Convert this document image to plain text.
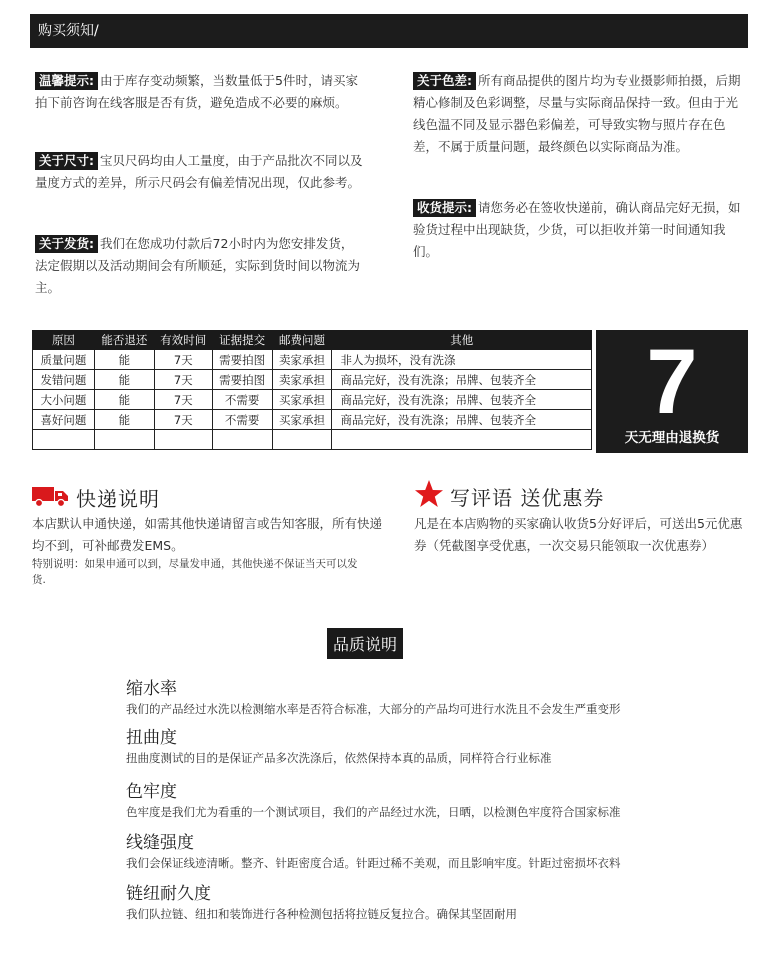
购买须知/
温馨提示: 由于库存变动频繁，当数量低于5件时，请买家拍下前咨询在线客服是否有货，避免造成不必要的麻烦。
关于尺寸: 宝贝尺码均由人工量度，由于产品批次不同以及量度方式的差异，所示尺码会有偏差情况出现，仅此参考。
关于发货: 我们在您成功付款后72小时内为您安排发货，法定假期以及活动期间会有所顺延，实际到货时间以物流为主。
关于色差: 所有商品提供的图片均为专业摄影师拍摄，后期精心修制及色彩调整，尽量与实际商品保持一致。但由于光线色温不同及显示器色彩偏差，可导致实物与照片存在色差，不属于质量问题，最终颜色以实际商品为准。
收货提示: 请您务必在签收快递前，确认商品完好无损，如验货过程中出现缺货，少货，可以拒收并第一时间通知我们。
原因	能否退还	有效时间	证据提交	邮费问题	其他
质量问题	能	7天	需要拍图	卖家承担	非人为损坏，没有洗涤
发错问题	能	7天	需要拍图	卖家承担	商品完好，没有洗涤；吊牌、包装齐全
大小问题	能	7天	不需要	买家承担	商品完好，没有洗涤；吊牌、包装齐全
喜好问题	能	7天	不需要	买家承担	商品完好，没有洗涤；吊牌、包装齐全
						7
天无理由退换货
快递说明
本店默认申通快递，如需其他快递请留言或告知客服，所有快递均不到，可补邮费发EMS。
特别说明：如果申通可以到，尽量发申通，其他快递不保证当天可以发货.
写评语 送优惠券
凡是在本店购物的买家确认收货5分好评后，可送出5元优惠券（凭截图享受优惠，一次交易只能领取一次优惠券）
品质说明
缩水率
我们的产品经过水洗以检测缩水率是否符合标准，大部分的产品均可进行水洗且不会发生严重变形
扭曲度
扭曲度测试的目的是保证产品多次洗涤后，依然保持本真的品质，同样符合行业标准
色牢度
色牢度是我们尤为看重的一个测试项目，我们的产品经过水洗，日晒，以检测色牢度符合国家标准
线缝强度
我们会保证线迹清晰。整齐、针距密度合适。针距过稀不美观，而且影响牢度。针距过密损坏衣料
链纽耐久度
我们队拉链、纽扣和装饰进行各种检测包括将拉链反复拉合。确保其坚固耐用
